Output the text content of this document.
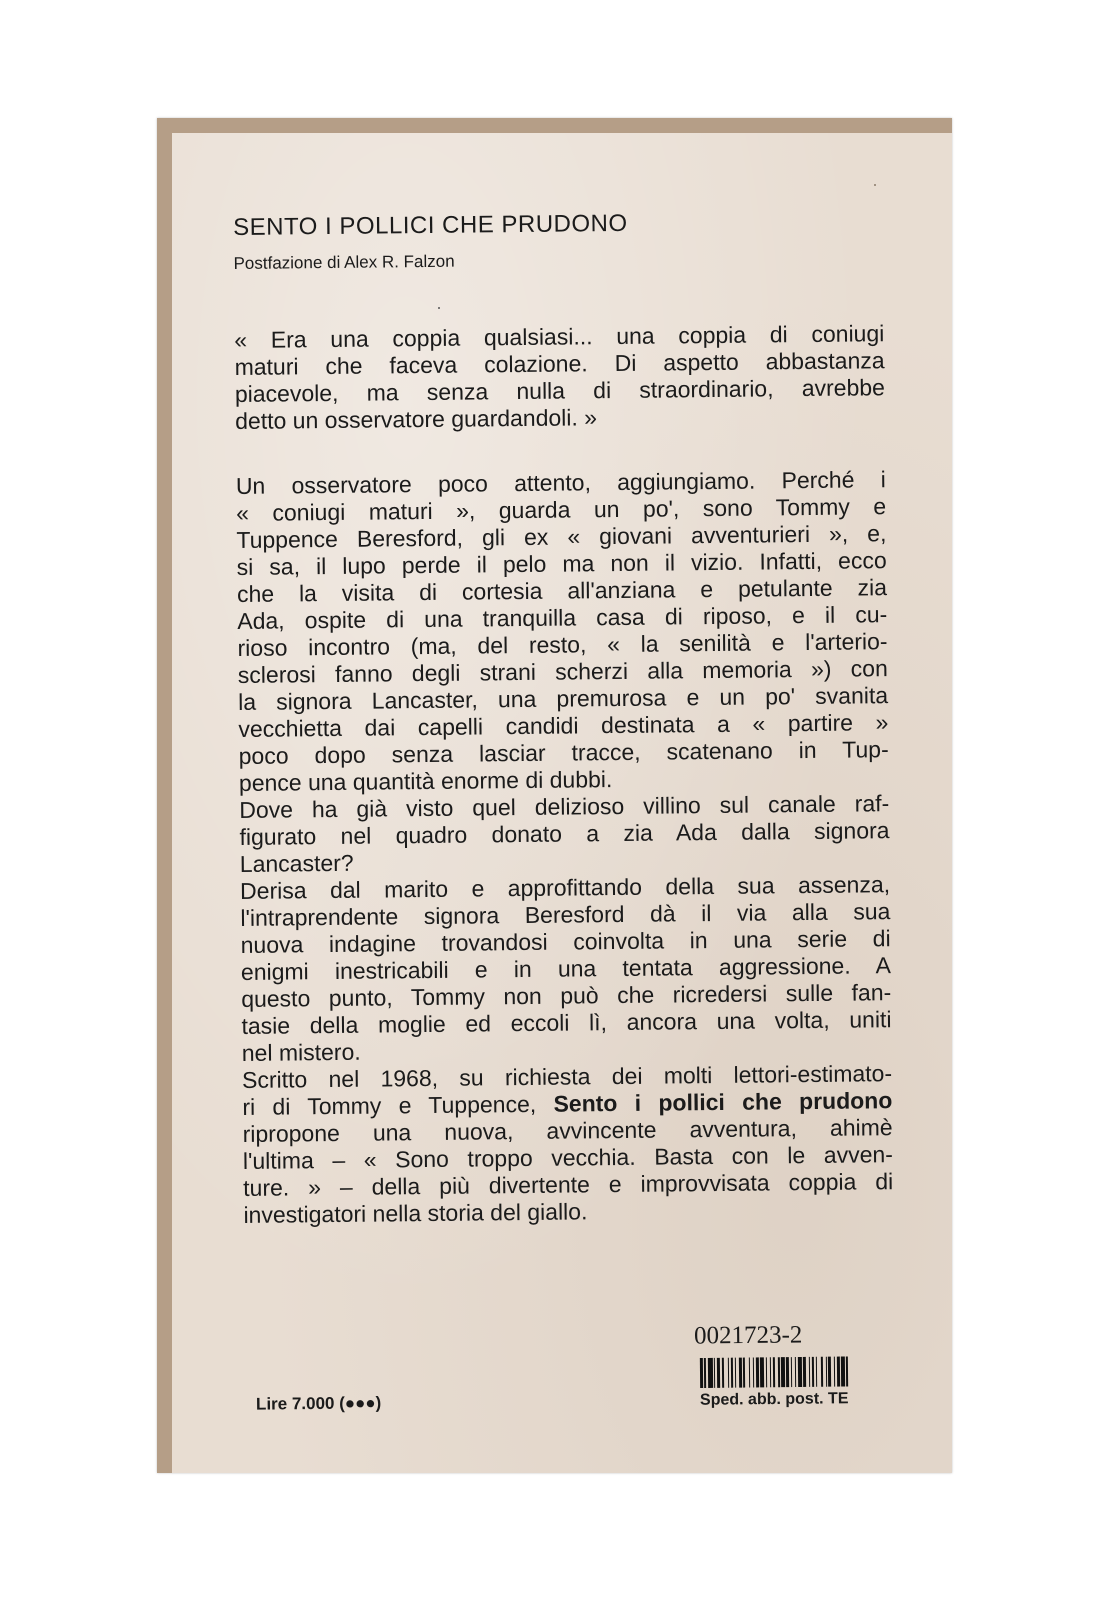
SENTO I POLLICI CHE PRUDONO
Postfazione di Alex R. Falzon
« Era una coppia qualsiasi... una coppia di coniugi
maturi che faceva colazione. Di aspetto abbastanza
piacevole, ma senza nulla di straordinario, avrebbe
detto un osservatore guardandoli. »
Un osservatore poco attento, aggiungiamo. Perché i
« coniugi maturi », guarda un po', sono Tommy e
Tuppence Beresford, gli ex « giovani avventurieri », e,
si sa, il lupo perde il pelo ma non il vizio. Infatti, ecco
che la visita di cortesia all'anziana e petulante zia
Ada, ospite di una tranquilla casa di riposo, e il cu-
rioso incontro (ma, del resto, « la senilità e l'arterio-
sclerosi fanno degli strani scherzi alla memoria ») con
la signora Lancaster, una premurosa e un po' svanita
vecchietta dai capelli candidi destinata a « partire »
poco dopo senza lasciar tracce, scatenano in Tup-
pence una quantità enorme di dubbi.
Dove ha già visto quel delizioso villino sul canale raf-
figurato nel quadro donato a zia Ada dalla signora
Lancaster?
Derisa dal marito e approfittando della sua assenza,
l'intraprendente signora Beresford dà il via alla sua
nuova indagine trovandosi coinvolta in una serie di
enigmi inestricabili e in una tentata aggressione. A
questo punto, Tommy non può che ricredersi sulle fan-
tasie della moglie ed eccoli lì, ancora una volta, uniti
nel mistero.
Scritto nel 1968, su richiesta dei molti lettori-estimato-
ri di Tommy e Tuppence, Sento i pollici che prudono
ripropone una nuova, avvincente avventura, ahimè
l'ultima – « Sono troppo vecchia. Basta con le avven-
ture. » – della più divertente e improvvisata coppia di
investigatori nella storia del giallo.
0021723-2
Sped. abb. post. TE
Lire 7.000 (●●●)
